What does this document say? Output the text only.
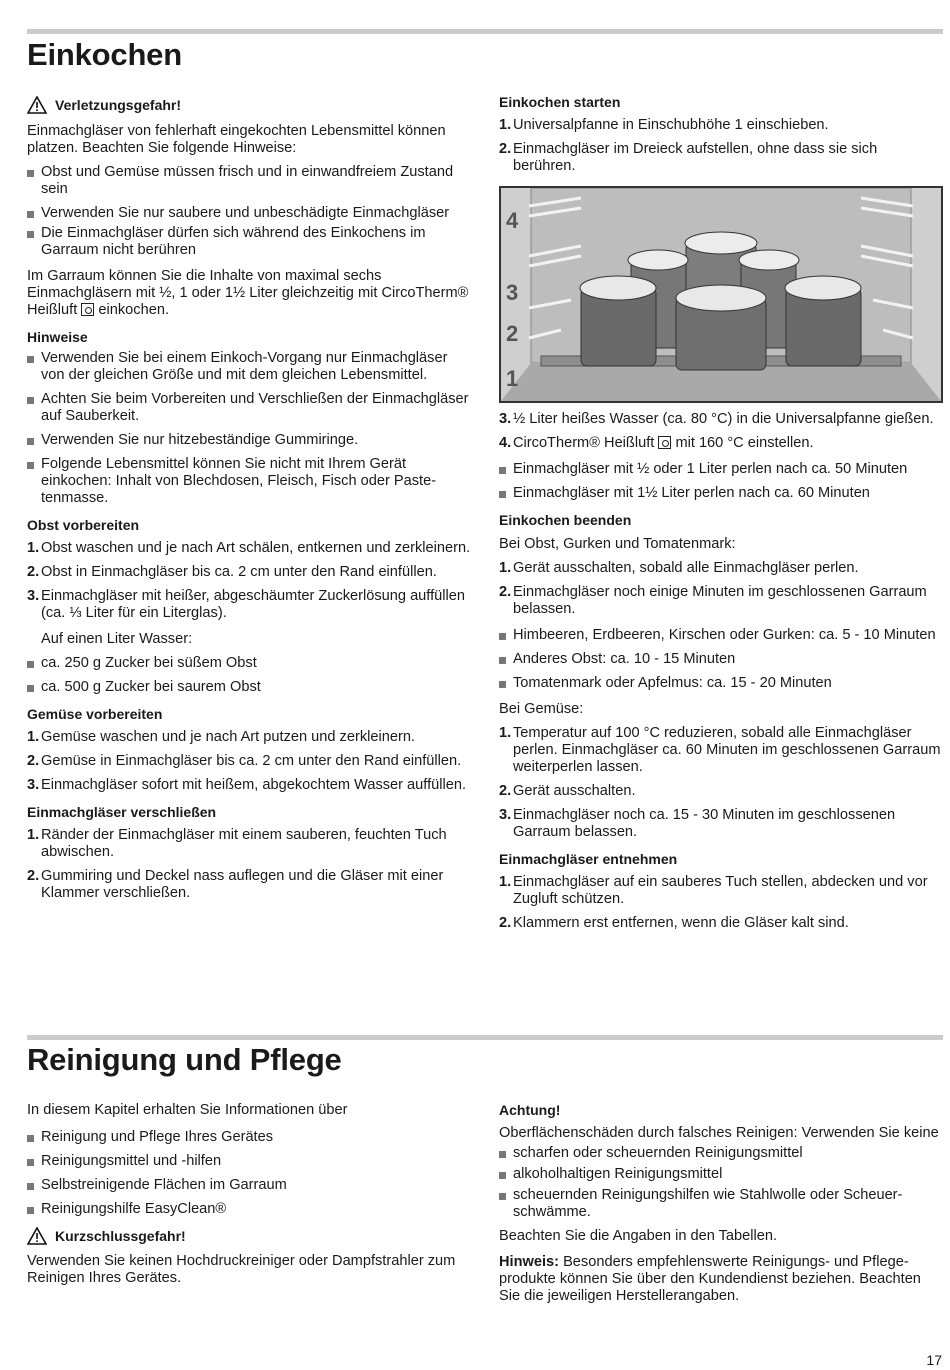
Einkochen
Verletzungsgefahr!

Einmachgläser von fehlerhaft eingekochten Lebensmittel können platzen. Beachten Sie folgende Hinweise:

Obst und Gemüse müssen frisch und in einwandfreiem Zustand sein
Verwenden Sie nur saubere und unbeschädigte Einmachgläser
Die Einmachgläser dürfen sich während des Einkochens im Garraum nicht berühren

Im Garraum können Sie die Inhalte von maximal sechs Einmachgläsern mit ½, 1 oder 1½ Liter gleichzeitig mit CircoTherm® Heißluft einkochen.

Hinweise

Verwenden Sie bei einem Einkoch-Vorgang nur Einmachgläser von der gleichen Größe und mit dem gleichen Lebensmittel.
Achten Sie beim Vorbereiten und Verschließen der Einmachgläser auf Sauberkeit.
Verwenden Sie nur hitzebeständige Gummiringe.
Folgende Lebensmittel können Sie nicht mit Ihrem Gerät einkochen: Inhalt von Blechdosen, Fleisch, Fisch oder Pastetenmasse.

Obst vorbereiten

1. Obst waschen und je nach Art schälen, entkernen und zerkleinern.
2. Obst in Einmachgläser bis ca. 2 cm unter den Rand einfüllen.
3. Einmachgläser mit heißer, abgeschäumter Zuckerlösung auffüllen (ca. ⅓ Liter für ein Literglas).

Auf einen Liter Wasser:

ca. 250 g Zucker bei süßem Obst
ca. 500 g Zucker bei saurem Obst

Gemüse vorbereiten

1. Gemüse waschen und je nach Art putzen und zerkleinern.
2. Gemüse in Einmachgläser bis ca. 2 cm unter den Rand einfüllen.
3. Einmachgläser sofort mit heißem, abgekochtem Wasser auffüllen.

Einmachgläser verschließen

1. Ränder der Einmachgläser mit einem sauberen, feuchten Tuch abwischen.
2. Gummiring und Deckel nass auflegen und die Gläser mit einer Klammer verschließen.

Einkochen starten

1. Universalpfanne in Einschubhöhe 1 einschieben.
2. Einmachgläser im Dreieck aufstellen, ohne dass sie sich berühren.
4
3
2
1
3. ½ Liter heißes Wasser (ca. 80 °C) in die Universalpfanne gießen.
4. CircoTherm® Heißluft mit 160 °C einstellen.
Einmachgläser mit ½ oder 1 Liter perlen nach ca. 50 Minuten
Einmachgläser mit 1½ Liter perlen nach ca. 60 Minuten

Einkochen beenden

Bei Obst, Gurken und Tomatenmark:

1. Gerät ausschalten, sobald alle Einmachgläser perlen.
2. Einmachgläser noch einige Minuten im geschlossenen Garraum belassen.
Himbeeren, Erdbeeren, Kirschen oder Gurken: ca. 5 - 10 Minuten
Anderes Obst: ca. 10 - 15 Minuten
Tomatenmark oder Apfelmus: ca. 15 - 20 Minuten

Bei Gemüse:

1. Temperatur auf 100 °C reduzieren, sobald alle Einmachgläser perlen. Einmachgläser ca. 60 Minuten im geschlossenen Garraum weiterperlen lassen.
2. Gerät ausschalten.
3. Einmachgläser noch ca. 15 - 30 Minuten im geschlossenen Garraum belassen.

Einmachgläser entnehmen

1. Einmachgläser auf ein sauberes Tuch stellen, abdecken und vor Zugluft schützen.
2. Klammern erst entfernen, wenn die Gläser kalt sind.
Reinigung und Pflege

In diesem Kapitel erhalten Sie Informationen über

Reinigung und Pflege Ihres Gerätes
Reinigungsmittel und -hilfen
Selbstreinigende Flächen im Garraum
Reinigungshilfe EasyClean®
Kurzschlussgefahr!

Verwenden Sie keinen Hochdruckreiniger oder Dampfstrahler zum Reinigen Ihres Gerätes.

Achtung!

Oberflächenschäden durch falsches Reinigen: Verwenden Sie keine

scharfen oder scheuernden Reinigungsmittel
alkoholhaltigen Reinigungsmittel
scheuernden Reinigungshilfen wie Stahlwolle oder Scheuerschwämme.

Beachten Sie die Angaben in den Tabellen.

Hinweis: Besonders empfehlenswerte Reinigungs- und Pflegeprodukte können Sie über den Kundendienst beziehen. Beachten Sie die jeweiligen Herstellerangaben.

17
